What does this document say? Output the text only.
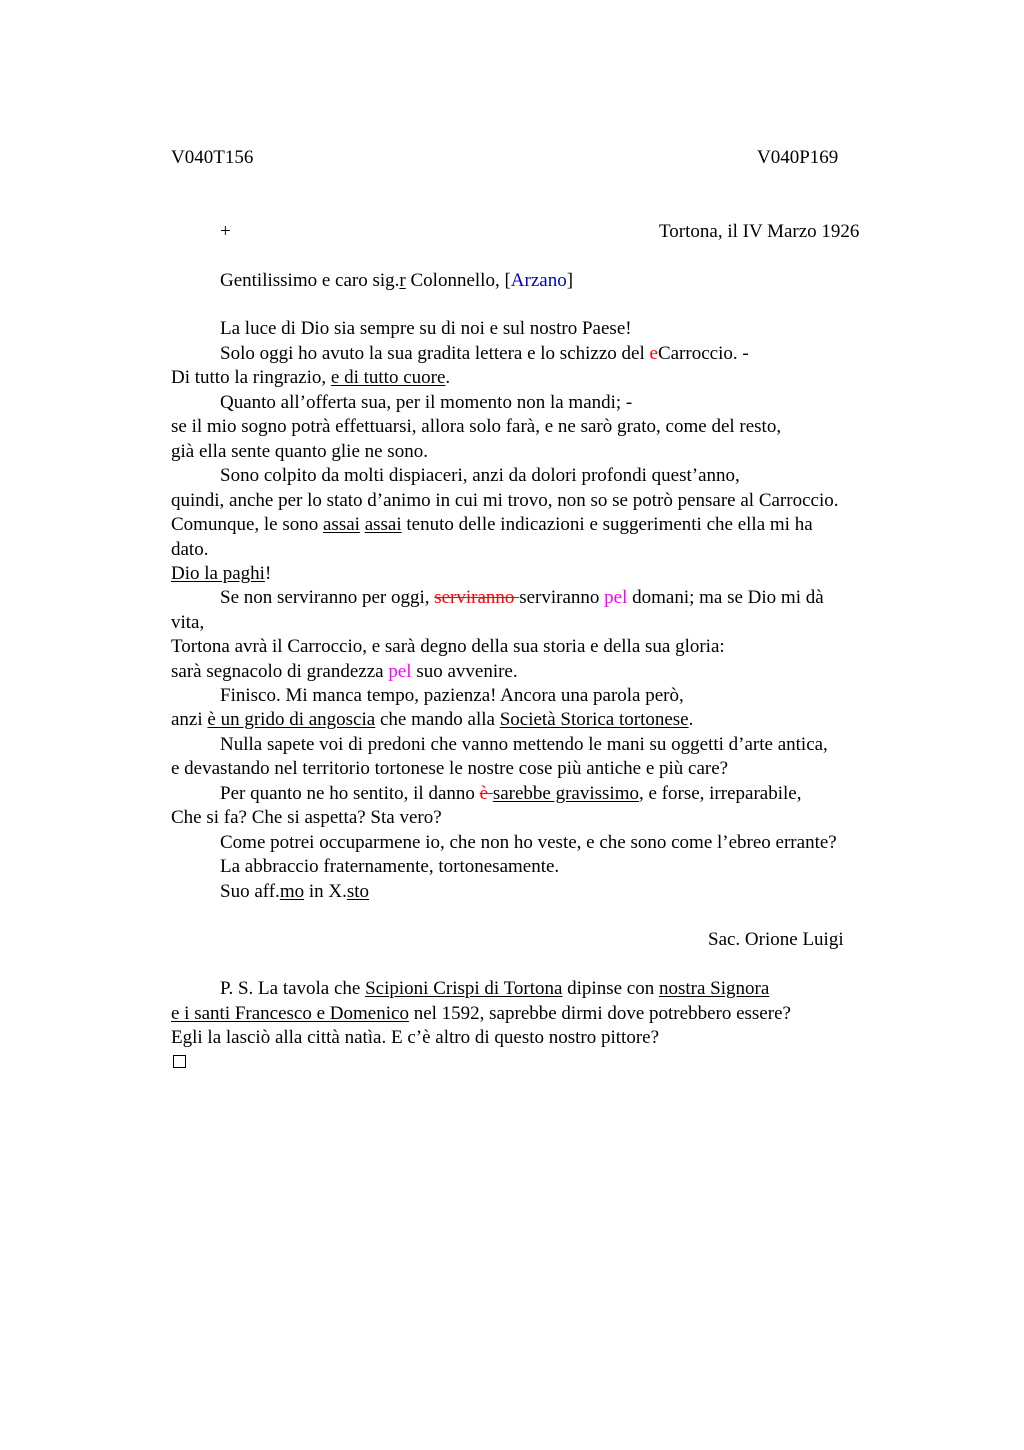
V040T156	V040P169
+	Tortona, il IV Marzo 1926
Gentilissimo e caro sig.r Colonnello, [Arzano]
La luce di Dio sia sempre su di noi e sul nostro Paese!
Solo oggi ho avuto la sua gradita lettera e lo schizzo del eCarroccio. -
Di tutto la ringrazio, e di tutto cuore.
Quanto all’offerta sua, per il momento non la mandi; -
se il mio sogno potrà effettuarsi, allora solo farà, e ne sarò grato, come del resto,
già ella sente quanto glie ne sono.
Sono colpito da molti dispiaceri, anzi da dolori profondi quest’anno,
quindi, anche per lo stato d’animo in cui mi trovo, non so se potrò pensare al Carroccio.
Comunque, le sono assai assai tenuto delle indicazioni e suggerimenti che ella mi ha
dato.
Dio la paghi!
Se non serviranno per oggi, serviranno serviranno pel domani; ma se Dio mi dà
vita,
Tortona avrà il Carroccio, e sarà degno della sua storia e della sua gloria:
sarà segnacolo di grandezza pel suo avvenire.
Finisco. Mi manca tempo, pazienza! Ancora una parola però,
anzi è un grido di angoscia che mando alla Società Storica tortonese.
Nulla sapete voi di predoni che vanno mettendo le mani su oggetti d’arte antica,
e devastando nel territorio tortonese le nostre cose più antiche e più care?
Per quanto ne ho sentito, il danno è sarebbe gravissimo, e forse, irreparabile,
Che si fa? Che si aspetta? Sta vero?
Come potrei occuparmene io, che non ho veste, e che sono come l’ebreo errante?
La abbraccio fraternamente, tortonesamente.
Suo aff.mo in X.sto
Sac. Orione Luigi
P. S. La tavola che Scipioni Crispi di Tortona dipinse con nostra Signora
e i santi Francesco e Domenico nel 1592, saprebbe dirmi dove potrebbero essere?
Egli la lasciò alla città natìa. E c’è altro di questo nostro pittore?
